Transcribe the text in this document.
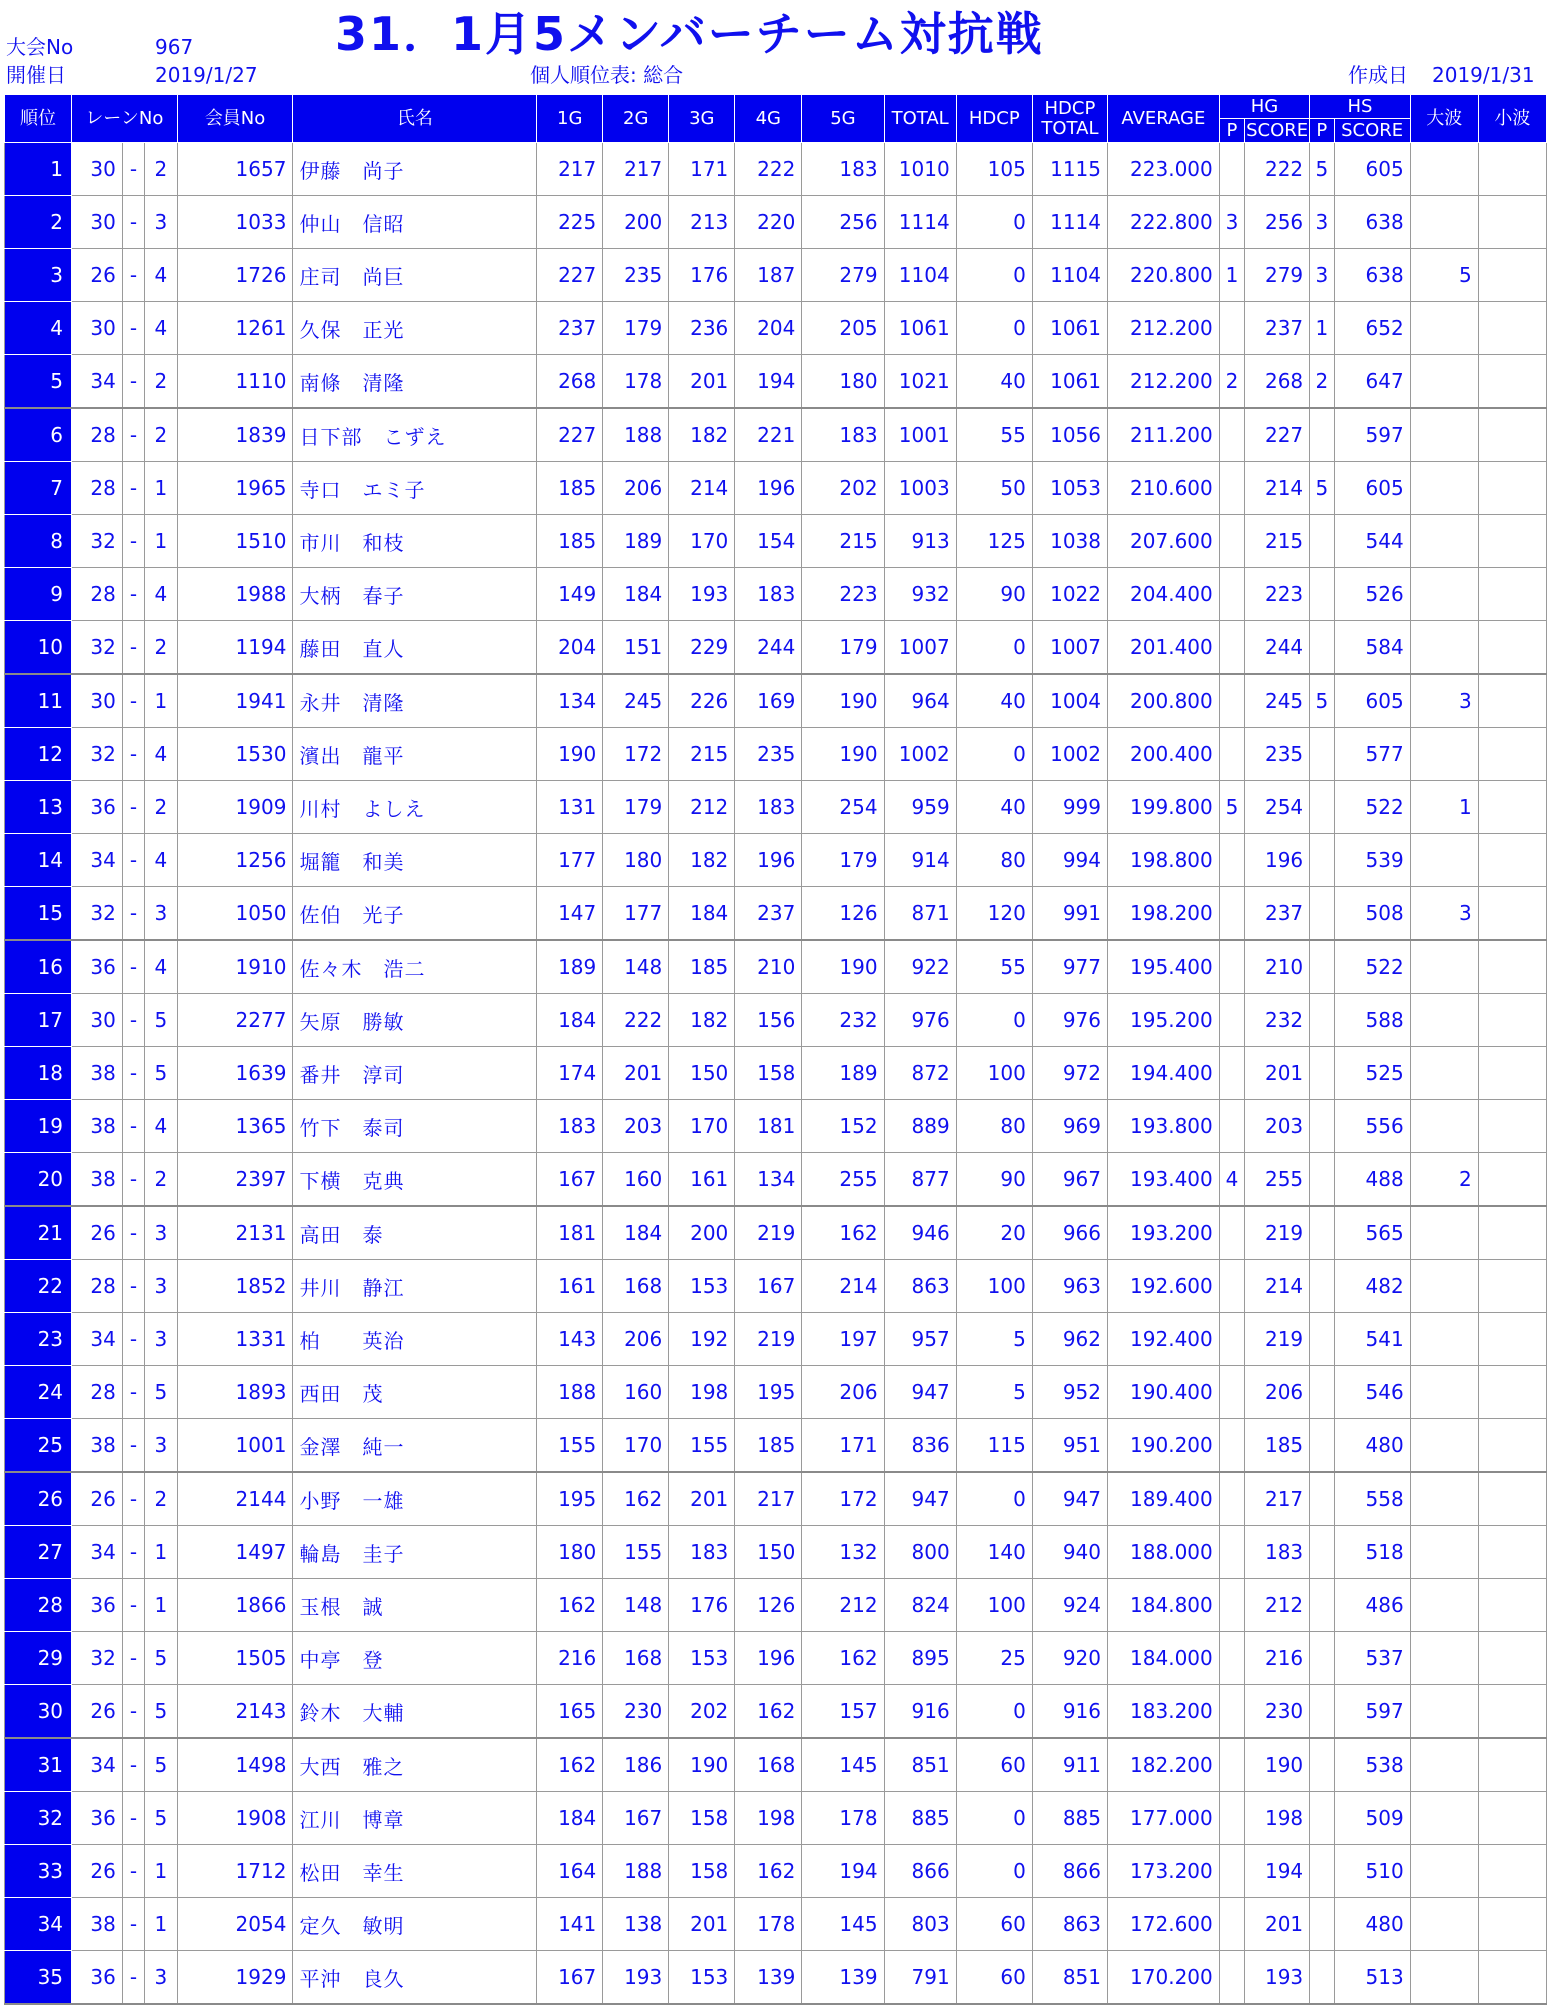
大会No	967
開催日	2019/1/27
31．1月5メンバーチーム対抗戦
個人順位表: 総合	作成日 2019/1/31
順位	レーンNo			会員No	氏名	1G	2G	3G	4G	5G	TOTAL	HDCP	HDCP
TOTAL	AVERAGE	HG		HS		大波	小波
															P	SCORE	P	SCORE		
1	30	-	2	1657	伊藤　尚子	217	217	171	222	183	1010	105	1115	223.000		222	5	605		
2	30	-	3	1033	仲山　信昭	225	200	213	220	256	1114	0	1114	222.800	3	256	3	638		
3	26	-	4	1726	庄司　尚巨	227	235	176	187	279	1104	0	1104	220.800	1	279	3	638	5	
4	30	-	4	1261	久保　正光	237	179	236	204	205	1061	0	1061	212.200		237	1	652		
5	34	-	2	1110	南條　清隆	268	178	201	194	180	1021	40	1061	212.200	2	268	2	647		
6	28	-	2	1839	日下部　こずえ	227	188	182	221	183	1001	55	1056	211.200		227		597		
7	28	-	1	1965	寺口　エミ子	185	206	214	196	202	1003	50	1053	210.600		214	5	605		
8	32	-	1	1510	市川　和枝	185	189	170	154	215	913	125	1038	207.600		215		544		
9	28	-	4	1988	大柄　春子	149	184	193	183	223	932	90	1022	204.400		223		526		
10	32	-	2	1194	藤田　直人	204	151	229	244	179	1007	0	1007	201.400		244		584		
11	30	-	1	1941	永井　清隆	134	245	226	169	190	964	40	1004	200.800		245	5	605	3	
12	32	-	4	1530	濱出　龍平	190	172	215	235	190	1002	0	1002	200.400		235		577		
13	36	-	2	1909	川村　よしえ	131	179	212	183	254	959	40	999	199.800	5	254		522	1	
14	34	-	4	1256	堀籠　和美	177	180	182	196	179	914	80	994	198.800		196		539		
15	32	-	3	1050	佐伯　光子	147	177	184	237	126	871	120	991	198.200		237		508	3	
16	36	-	4	1910	佐々木　浩二	189	148	185	210	190	922	55	977	195.400		210		522		
17	30	-	5	2277	矢原　勝敏	184	222	182	156	232	976	0	976	195.200		232		588		
18	38	-	5	1639	番井　淳司	174	201	150	158	189	872	100	972	194.400		201		525		
19	38	-	4	1365	竹下　泰司	183	203	170	181	152	889	80	969	193.800		203		556		
20	38	-	2	2397	下横　克典	167	160	161	134	255	877	90	967	193.400	4	255		488	2	
21	26	-	3	2131	高田　泰	181	184	200	219	162	946	20	966	193.200		219		565		
22	28	-	3	1852	井川　静江	161	168	153	167	214	863	100	963	192.600		214		482		
23	34	-	3	1331	柏　　英治	143	206	192	219	197	957	5	962	192.400		219		541		
24	28	-	5	1893	西田　茂	188	160	198	195	206	947	5	952	190.400		206		546		
25	38	-	3	1001	金澤　純一	155	170	155	185	171	836	115	951	190.200		185		480		
26	26	-	2	2144	小野　一雄	195	162	201	217	172	947	0	947	189.400		217		558		
27	34	-	1	1497	輪島　圭子	180	155	183	150	132	800	140	940	188.000		183		518		
28	36	-	1	1866	玉根　誠	162	148	176	126	212	824	100	924	184.800		212		486		
29	32	-	5	1505	中亭　登	216	168	153	196	162	895	25	920	184.000		216		537		
30	26	-	5	2143	鈴木　大輔	165	230	202	162	157	916	0	916	183.200		230		597		
31	34	-	5	1498	大西　雅之	162	186	190	168	145	851	60	911	182.200		190		538		
32	36	-	5	1908	江川　博章	184	167	158	198	178	885	0	885	177.000		198		509		
33	26	-	1	1712	松田　幸生	164	188	158	162	194	866	0	866	173.200		194		510		
34	38	-	1	2054	定久　敏明	141	138	201	178	145	803	60	863	172.600		201		480		
35	36	-	3	1929	平沖　良久	167	193	153	139	139	791	60	851	170.200		193		513		
